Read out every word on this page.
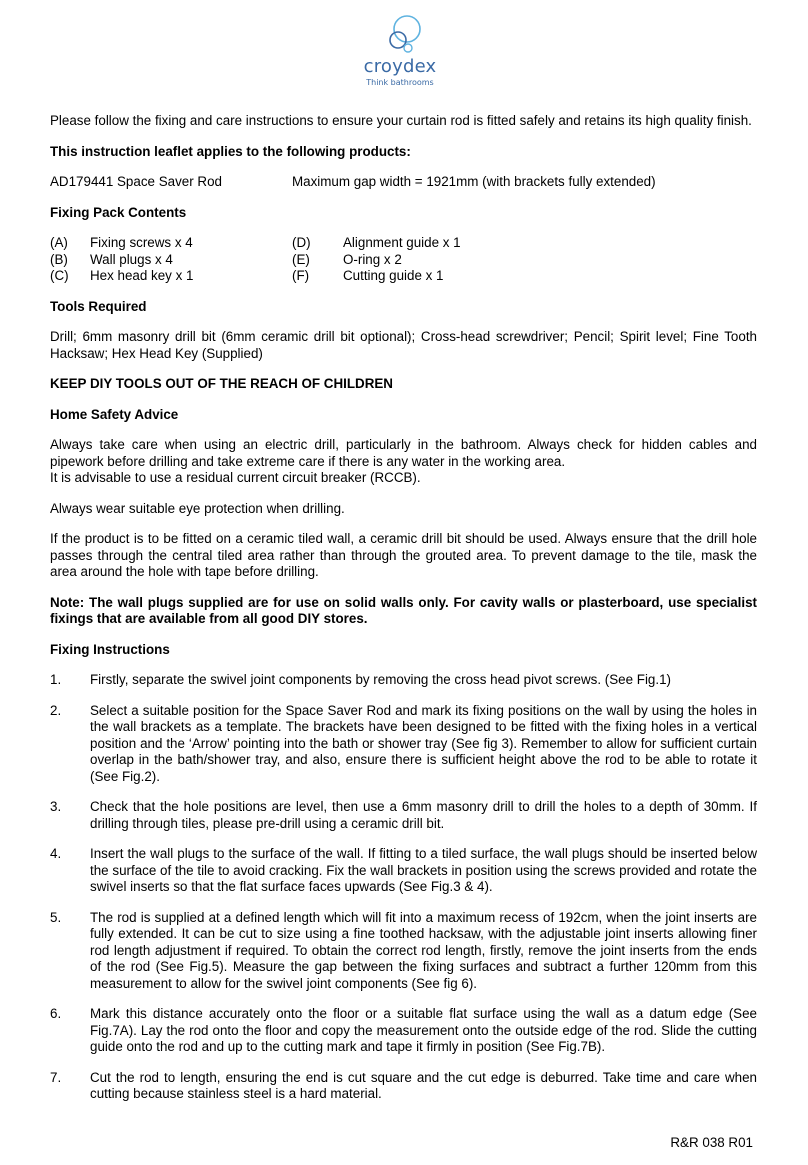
croydex
Think bathrooms

Please follow the fixing and care instructions to ensure your curtain rod is fitted safely and retains its high quality finish.

This instruction leaflet applies to the following products:

AD179441 Space Saver Rod	Maximum gap width = 1921mm (with brackets fully extended)

Fixing Pack Contents

(A)	Fixing screws x 4	(D)	Alignment guide x 1
(B)	Wall plugs x 4	(E)	O-ring x 2
(C)	Hex head key x 1	(F)	Cutting guide x 1

Tools Required

Drill; 6mm masonry drill bit (6mm ceramic drill bit optional); Cross-head screwdriver; Pencil; Spirit level; Fine Tooth Hacksaw; Hex Head Key (Supplied)

KEEP DIY TOOLS OUT OF THE REACH OF CHILDREN

Home Safety Advice

Always take care when using an electric drill, particularly in the bathroom. Always check for hidden cables and pipework before drilling and take extreme care if there is any water in the working area.
It is advisable to use a residual current circuit breaker (RCCB).

Always wear suitable eye protection when drilling.

If the product is to be fitted on a ceramic tiled wall, a ceramic drill bit should be used. Always ensure that the drill hole passes through the central tiled area rather than through the grouted area. To prevent damage to the tile, mask the area around the hole with tape before drilling.

Note: The wall plugs supplied are for use on solid walls only. For cavity walls or plasterboard, use specialist fixings that are available from all good DIY stores.

Fixing Instructions

1.	Firstly, separate the swivel joint components by removing the cross head pivot screws. (See Fig.1)
2.	Select a suitable position for the Space Saver Rod and mark its fixing positions on the wall by using the holes in the wall brackets as a template. The brackets have been designed to be fitted with the fixing holes in a vertical position and the ‘Arrow’ pointing into the bath or shower tray (See fig 3). Remember to allow for sufficient curtain overlap in the bath/shower tray, and also, ensure there is sufficient height above the rod to be able to rotate it (See Fig.2).
3.	Check that the hole positions are level, then use a 6mm masonry drill to drill the holes to a depth of 30mm. If drilling through tiles, please pre-drill using a ceramic drill bit.
4.	Insert the wall plugs to the surface of the wall. If fitting to a tiled surface, the wall plugs should be inserted below the surface of the tile to avoid cracking. Fix the wall brackets in position using the screws provided and rotate the swivel inserts so that the flat surface faces upwards (See Fig.3 & 4).
5.	The rod is supplied at a defined length which will fit into a maximum recess of 192cm, when the joint inserts are fully extended. It can be cut to size using a fine toothed hacksaw, with the adjustable joint inserts allowing finer rod length adjustment if required. To obtain the correct rod length, firstly, remove the joint inserts from the ends of the rod (See Fig.5). Measure the gap between the fixing surfaces and subtract a further 120mm from this measurement to allow for the swivel joint components (See fig 6).
6.	Mark this distance accurately onto the floor or a suitable flat surface using the wall as a datum edge (See Fig.7A). Lay the rod onto the floor and copy the measurement onto the outside edge of the rod. Slide the cutting guide onto the rod and up to the cutting mark and tape it firmly in position (See Fig.7B).
7.	Cut the rod to length, ensuring the end is cut square and the cut edge is deburred. Take time and care when cutting because stainless steel is a hard material.
R&R 038 R01
